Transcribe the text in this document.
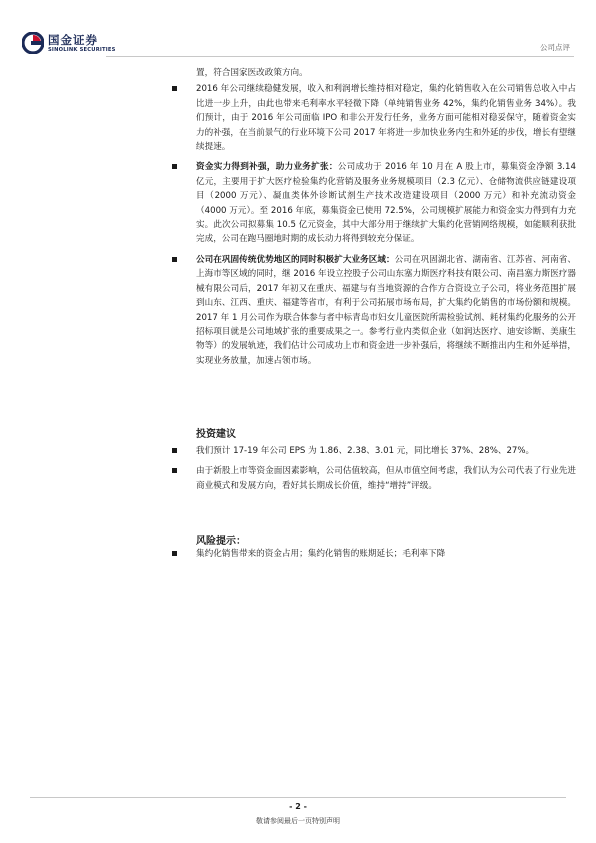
国金证券
SINOLINK SECURITIES	公司点评

置，符合国家医改政策方向。

2016 年公司继续稳健发展，收入和利润增长维持相对稳定，集约化销售收入在公司销售总收入中占比进一步上升，由此也带来毛利率水平轻微下降（单纯销售业务 42%，集约化销售业务 34%）。我们预计，由于 2016 年公司面临 IPO 和非公开发行任务，业务方面可能相对稳妥保守，随着资金实力的补强，在当前景气的行业环境下公司 2017 年将进一步加快业务内生和外延的步伐，增长有望继续提速。
资金实力得到补强，助力业务扩张：公司成功于 2016 年 10 月在 A 股上市，募集资金净额 3.14 亿元，主要用于扩大医疗检验集约化营销及服务业务规模项目（2.3 亿元）、仓储物流供应链建设项目（2000 万元）、凝血类体外诊断试剂生产技术改造建设项目（2000 万元）和补充流动资金（4000 万元）。至 2016 年底，募集资金已使用 72.5%，公司规模扩展能力和资金实力得到有力充实。此次公司拟募集 10.5 亿元资金，其中大部分用于继续扩大集约化营销网络规模，如能顺利获批完成，公司在跑马圈地时期的成长动力将得到较充分保证。
公司在巩固传统优势地区的同时积极扩大业务区域：公司在巩固湖北省、湖南省、江苏省、河南省、上海市等区域的同时，继 2016 年设立控股子公司山东塞力斯医疗科技有限公司、南昌塞力斯医疗器械有限公司后，2017 年初又在重庆、福建与有当地资源的合作方合资设立子公司，将业务范围扩展到山东、江西、重庆、福建等省市，有利于公司拓展市场布局，扩大集约化销售的市场份额和规模。2017 年 1 月公司作为联合体参与者中标青岛市妇女儿童医院所需检验试剂、耗材集约化服务的公开招标项目就是公司地域扩张的重要成果之一。参考行业内类似企业（如润达医疗、迪安诊断、美康生物等）的发展轨迹，我们估计公司成功上市和资金进一步补强后，将继续不断推出内生和外延举措，实现业务放量，加速占领市场。
投资建议
我们预计 17-19 年公司 EPS 为 1.86、2.38、3.01 元，同比增长 37%、28%、27%。
由于新股上市等资金面因素影响，公司估值较高，但从市值空间考虑，我们认为公司代表了行业先进商业模式和发展方向，看好其长期成长价值，维持“增持”评级。
风险提示：
集约化销售带来的资金占用；集约化销售的账期延长；毛利率下降
- 2 -
敬请参阅最后一页特别声明
